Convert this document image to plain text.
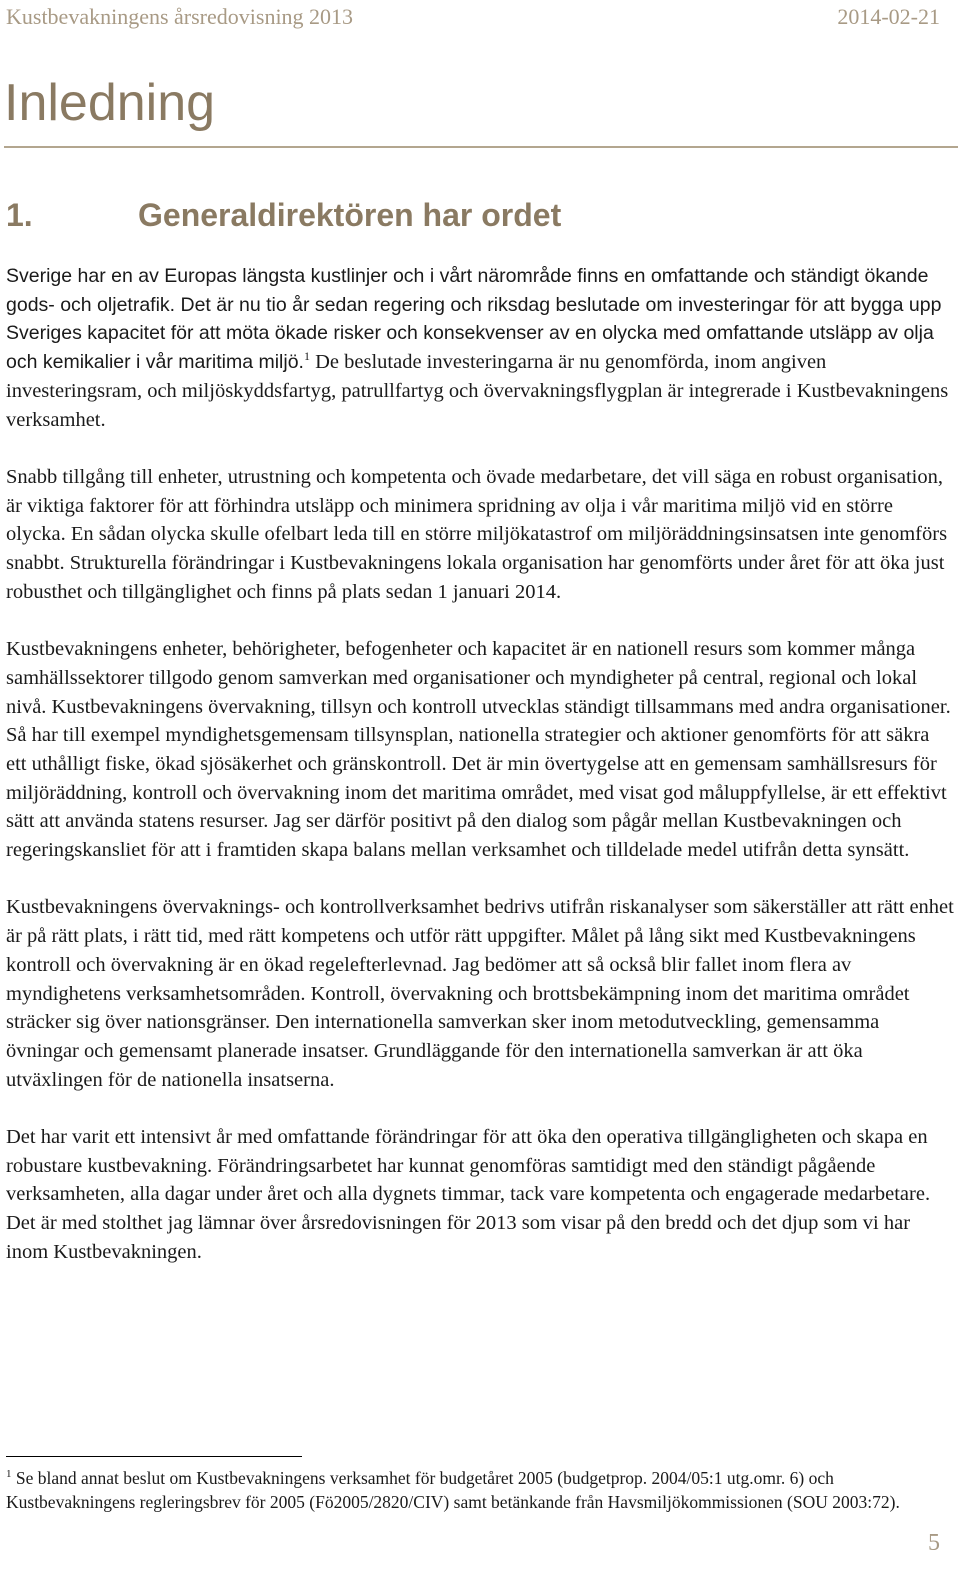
Kustbevakningens årsredovisning 2013	2014-02-21
Inledning
1.	Generaldirektören har ordet

Sverige har en av Europas längsta kustlinjer och i vårt närområde finns en omfattande och ständigt ökande gods- och oljetrafik. Det är nu tio år sedan regering och riksdag beslutade om investeringar för att bygga upp Sveriges kapacitet för att möta ökade risker och konsekvenser av en olycka med omfattande utsläpp av olja och kemikalier i vår maritima miljö.$^1$ De beslutade investeringarna är nu genomförda, inom angiven investeringsram, och miljöskyddsfartyg, patrullfartyg och övervakningsflygplan är integrerade i Kustbevakningens verksamhet.

Snabb tillgång till enheter, utrustning och kompetenta och övade medarbetare, det vill säga en robust organisation, är viktiga faktorer för att förhindra utsläpp och minimera spridning av olja i vår maritima miljö vid en större olycka. En sådan olycka skulle ofelbart leda till en större miljökatastrof om miljöräddningsinsatsen inte genomförs snabbt. Strukturella förändringar i Kustbevakningens lokala organisation har genomförts under året för att öka just robusthet och tillgänglighet och finns på plats sedan 1 januari 2014.

Kustbevakningens enheter, behörigheter, befogenheter och kapacitet är en nationell resurs som kommer många samhällssektorer tillgodo genom samverkan med organisationer och myndigheter på central, regional och lokal nivå. Kustbevakningens övervakning, tillsyn och kontroll utvecklas ständigt tillsammans med andra organisationer. Så har till exempel myndighetsgemensam tillsynsplan, nationella strategier och aktioner genomförts för att säkra ett uthålligt fiske, ökad sjösäkerhet och gränskontroll. Det är min övertygelse att en gemensam samhällsresurs för miljöräddning, kontroll och övervakning inom det maritima området, med visat god måluppfyllelse, är ett effektivt sätt att använda statens resurser. Jag ser därför positivt på den dialog som pågår mellan Kustbevakningen och regeringskansliet för att i framtiden skapa balans mellan verksamhet och tilldelade medel utifrån detta synsätt.

Kustbevakningens övervaknings- och kontrollverksamhet bedrivs utifrån riskanalyser som säkerställer att rätt enhet är på rätt plats, i rätt tid, med rätt kompetens och utför rätt uppgifter. Målet på lång sikt med Kustbevakningens kontroll och övervakning är en ökad regelefterlevnad. Jag bedömer att så också blir fallet inom flera av myndighetens verksamhetsområden. Kontroll, övervakning och brottsbekämpning inom det maritima området sträcker sig över nationsgränser. Den internationella samverkan sker inom metodutveckling, gemensamma övningar och gemensamt planerade insatser. Grundläggande för den internationella samverkan är att öka utväxlingen för de nationella insatserna.

Det har varit ett intensivt år med omfattande förändringar för att öka den operativa tillgängligheten och skapa en robustare kustbevakning. Förändringsarbetet har kunnat genomföras samtidigt med den ständigt pågående verksamheten, alla dagar under året och alla dygnets timmar, tack vare kompetenta och engagerade medarbetare. Det är med stolthet jag lämnar över årsredovisningen för 2013 som visar på den bredd och det djup som vi har inom Kustbevakningen.

$^1$ Se bland annat beslut om Kustbevakningens verksamhet för budgetåret 2005 (budgetprop. 2004/05:1 utg.omr. 6) och Kustbevakningens regleringsbrev för 2005 (Fö2005/2820/CIV) samt betänkande från Havsmiljökommissionen (SOU 2003:72).
5
